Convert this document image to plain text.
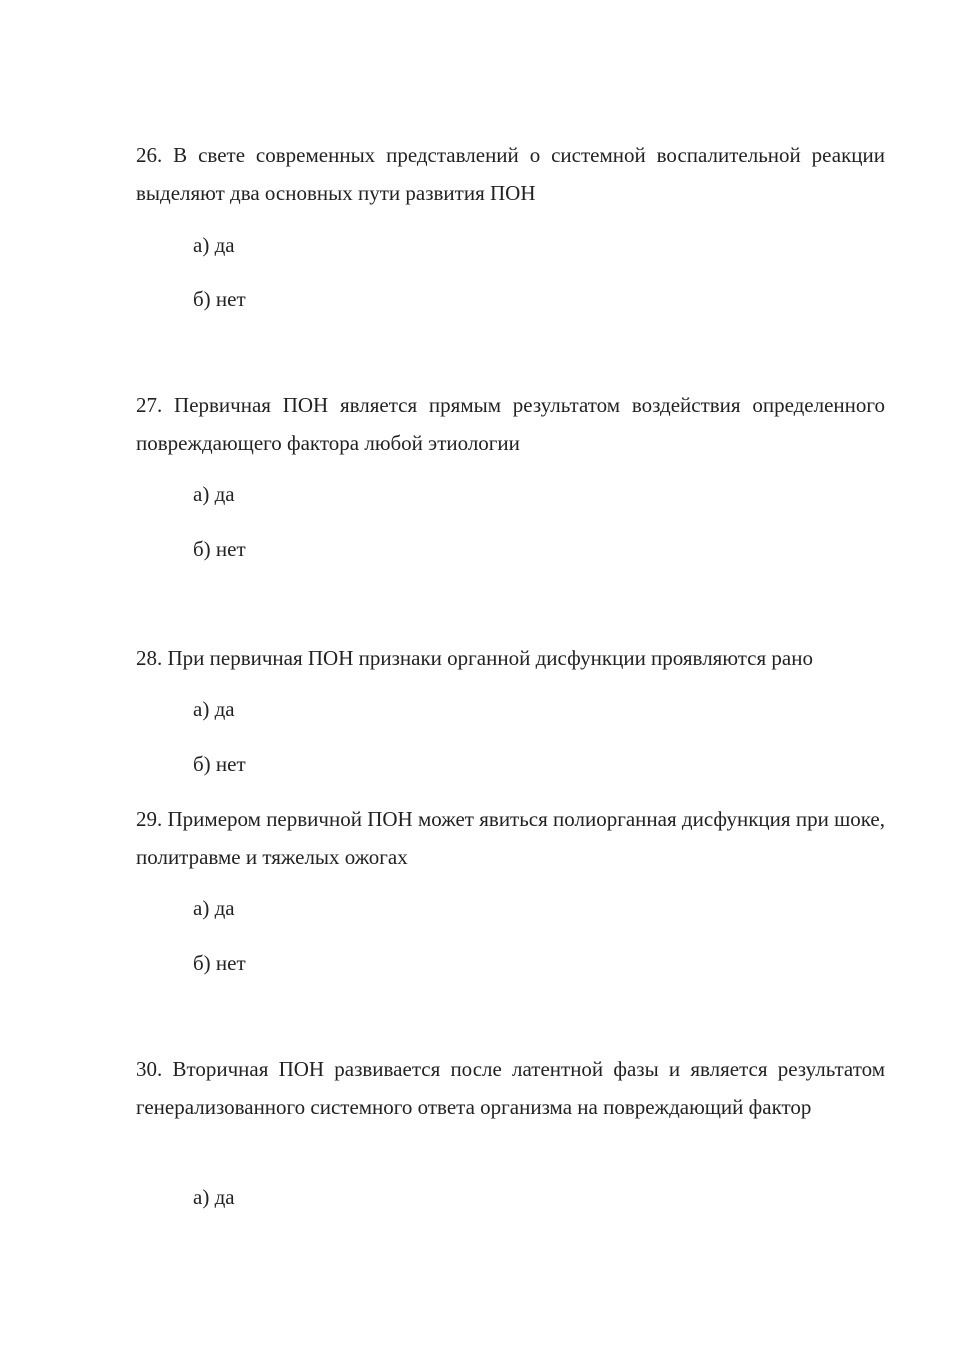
26. В свете современных представлений о системной воспалительной реакции выделяют два основных пути развития ПОН

а) да

б) нет

27. Первичная ПОН является прямым результатом воздействия определенного повреждающего фактора любой этиологии

а) да

б) нет

28. При первичная ПОН признаки органной дисфункции проявляются рано

а) да

б) нет

29. Примером первичной ПОН может явиться полиорганная дисфункция при шоке, политравме и тяжелых ожогах

а) да

б) нет

30. Вторичная ПОН развивается после латентной фазы и является результатом генерализованного системного ответа организма на повреждающий фактор

а) да
